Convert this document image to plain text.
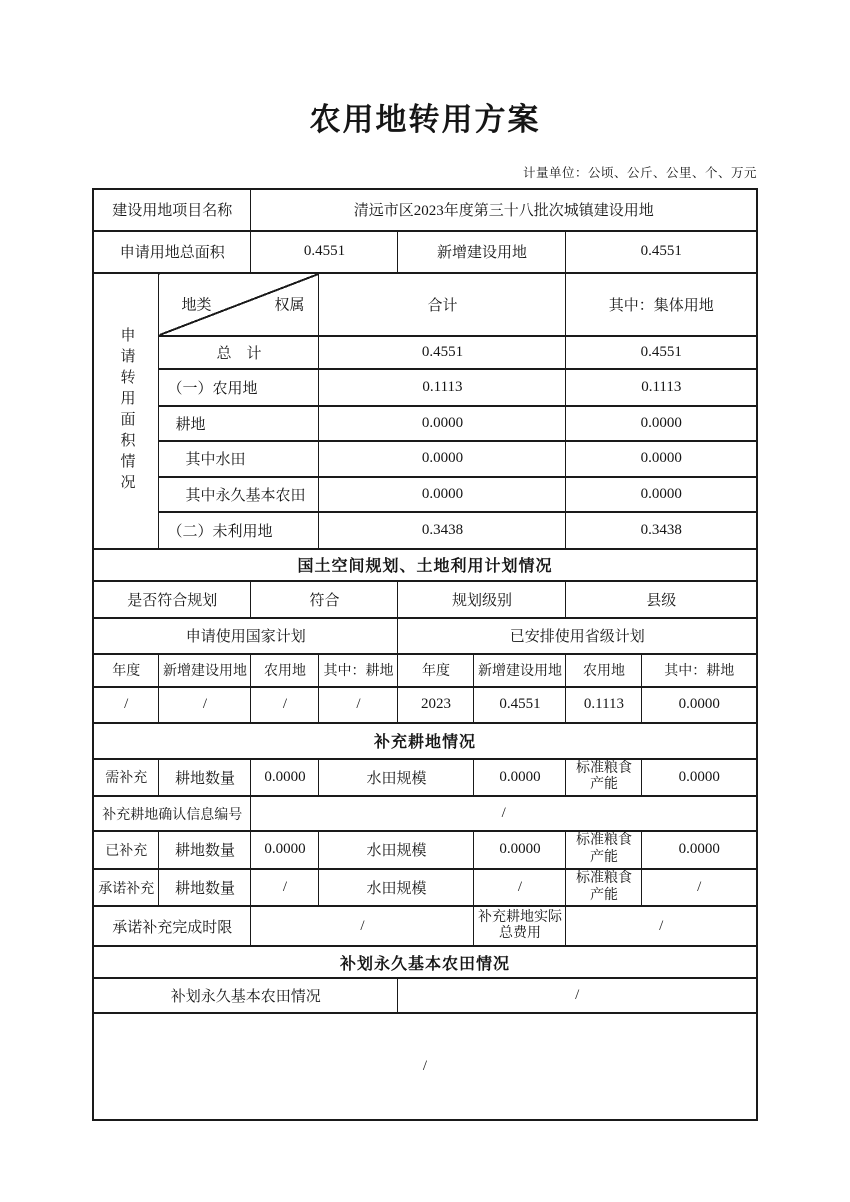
农用地转用方案
计量单位：公顷、公斤、公里、个、万元
建设用地项目名称		清远市区2023年度第三十八批次城镇建设用地					
申请用地总面积		0.4551		新增建设用地		0.4551	

申请转用面积情况	地类 权属		合计			其中：集体用地	
	总　计		0.4551			0.4551	
	（一）农用地		0.1113			0.1113	
	耕地		0.0000			0.0000	
	其中水田		0.0000			0.0000	
	其中永久基本农田		0.0000			0.0000	
	（二）未利用地		0.3438			0.3438	
国土空间规划、土地利用计划情况							
是否符合规划		符合		规划级别		县级	
申请使用国家计划				已安排使用省级计划			
年度	新增建设用地	农用地	其中：耕地	年度	新增建设用地	农用地	其中：耕地
/	/	/	/	2023	0.4551	0.1113	0.0000
补充耕地情况							
需补充	耕地数量	0.0000	水田规模		0.0000	标准粮食产能	0.0000
补充耕地确认信息编号		/					
已补充	耕地数量	0.0000	水田规模		0.0000	标准粮食产能	0.0000
承诺补充	耕地数量	/	水田规模		/	标准粮食产能	/
承诺补充完成时限		/			补充耕地实际总费用	/	
补划永久基本农田情况							
补划永久基本农田情况				/			
/							
